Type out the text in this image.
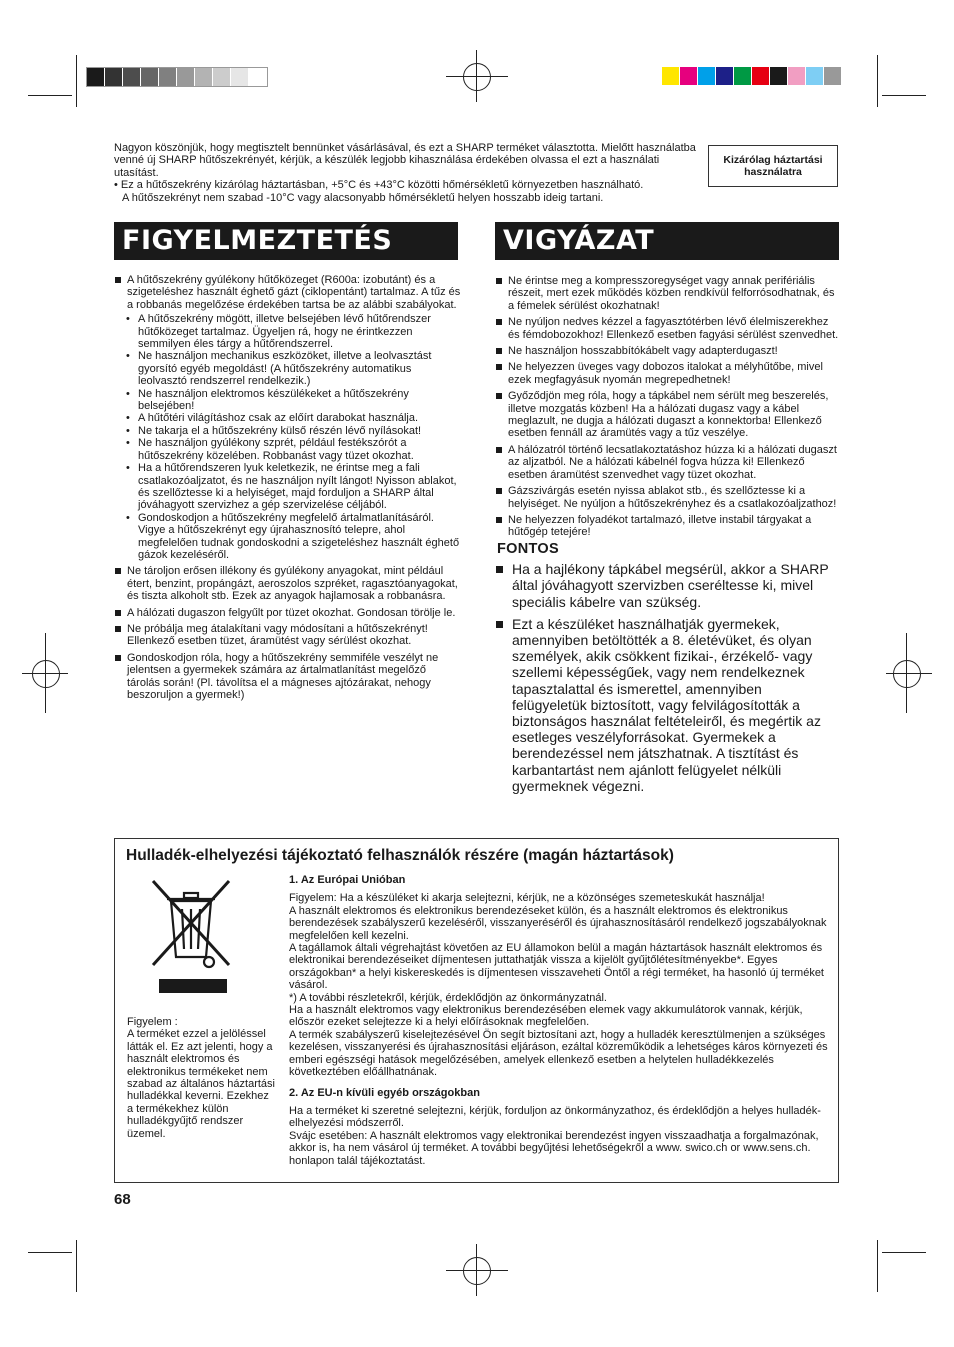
Nagyon köszönjük, hogy megtisztelt bennünket vásárlásával, és ezt a SHARP terméket választotta. Mielőtt használatba venné új SHARP hűtőszekrényét, kérjük, a készülék legjobb kihasználása érdekében olvassa el ezt a használati utasítást.

• Ez a hűtőszekrény kizárólag háztartásban, +5°C és +43°C közötti hőmérsékletű környezetben használható.

A hűtőszekrényt nem szabad -10°C vagy alacsonyabb hőmérsékletű helyen hosszabb ideig tartani.

Kizárólag háztartási használatra
FIGYELMEZTETÉS	VIGYÁZAT
A hűtőszekrény gyúlékony hűtőközeget (R600a: izobutánt) és a szigeteléshez használt éghető gázt (ciklopentánt) tartalmaz. A tűz és a robbanás megelőzése érdekében tartsa be az alábbi szabályokat.
• A hűtőszekrény mögött, illetve belsejében lévő hűtőrendszer hűtőközeget tartalmaz. Ügyeljen rá, hogy ne érintkezzen semmilyen éles tárgy a hűtőrendszerrel.
• Ne használjon mechanikus eszközöket, illetve a leolvasztást gyorsító egyéb megoldást! (A hűtőszekrény automatikus leolvasztó rendszerrel rendelkezik.)
• Ne használjon elektromos készülékeket a hűtőszekrény belsejében!
• A hűtőtéri világításhoz csak az előírt darabokat használja.
• Ne takarja el a hűtőszekrény külső részén lévő nyílásokat!
• Ne használjon gyúlékony szprét, például festékszórót a hűtőszekrény közelében. Robbanást vagy tüzet okozhat.
• Ha a hűtőrendszeren lyuk keletkezik, ne érintse meg a fali csatlakozóaljzatot, és ne használjon nyílt lángot! Nyisson ablakot, és szellőztesse ki a helyiséget, majd forduljon a SHARP által jóváhagyott szervizhez a gép szervizelése céljából.
• Gondoskodjon a hűtőszekrény megfelelő ártalmatlanításáról. Vigye a hűtőszekrényt egy újrahasznosító telepre, ahol megfelelően tudnak gondoskodni a szigeteléshez használt éghető gázok kezeléséről.
Ne tároljon erősen illékony és gyúlékony anyagokat, mint például étert, benzint, propángázt, aeroszolos szpréket, ragasztóanyagokat, és tiszta alkoholt stb. Ezek az anyagok hajlamosak a robbanásra.
A hálózati dugaszon felgyűlt por tüzet okozhat. Gondosan törölje le.
Ne próbálja meg átalakítani vagy módosítani a hűtőszekrényt! Ellenkező esetben tüzet, áramütést vagy sérülést okozhat.
Gondoskodjon róla, hogy a hűtőszekrény semmiféle veszélyt ne jelentsen a gyermekek számára az ártalmatlanítást megelőző tárolás során! (Pl. távolítsa el a mágneses ajtózárakat, nehogy beszoruljon a gyermek!)
Ne érintse meg a kompresszoregységet vagy annak perifériális részeit, mert ezek működés közben rendkívül felforrósodhatnak, és a fémelek sérülést okozhatnak!
Ne nyúljon nedves kézzel a fagyasztótérben lévő élelmiszerekhez és fémdobozokhoz! Ellenkező esetben fagyási sérülést szenvedhet.
Ne használjon hosszabbítókábelt vagy adapterdugaszt!
Ne helyezzen üveges vagy dobozos italokat a mélyhűtőbe, mivel ezek megfagyásuk nyomán megrepedhetnek!
Győződjön meg róla, hogy a tápkábel nem sérült meg beszerelés, illetve mozgatás közben! Ha a hálózati dugasz vagy a kábel meglazult, ne dugja a hálózati dugaszt a konnektorba! Ellenkező esetben fennáll az áramütés vagy a tűz veszélye.
A hálózatról történő lecsatlakoztatáshoz húzza ki a hálózati dugaszt az aljzatból. Ne a hálózati kábelnél fogva húzza ki! Ellenkező esetben áramütést szenvedhet vagy tüzet okozhat.
Gázszivárgás esetén nyissa ablakot stb., és szellőztesse ki a helyiséget. Ne nyúljon a hűtőszekrényhez és a csatlakozóaljzathoz!
Ne helyezzen folyadékot tartalmazó, illetve instabil tárgyakat a hűtőgép tetejére!
FONTOS
Ha a hajlékony tápkábel megsérül, akkor a SHARP által jóváhagyott szervizben cseréltesse ki, mivel speciális kábelre van szükség.
Ezt a készüléket használhatják gyermekek, amennyiben betöltötték a 8. életévüket, és olyan személyek, akik csökkent fizikai-, érzékelő- vagy szellemi képességűek, vagy nem rendelkeznek tapasztalattal és ismerettel, amennyiben felügyeletük biztosított, vagy felvilágosították a biztonságos használat feltételeiről, és megértik az esetleges veszélyforrásokat. Gyermekek a berendezéssel nem játszhatnak. A tisztítást és karbantartást nem ajánlott felügyelet nélküli gyermeknek végezni.
Hulladék-elhelyezési tájékoztató felhasználók részére (magán háztartások)
Figyelem :
A terméket ezzel a jelöléssel látták el. Ez azt jelenti, hogy a használt elektromos és elektronikus termékeket nem szabad az általános háztartási hulladékkal keverni. Ezekhez a termékekhez külön hulladékgyűjtő rendszer üzemel.
1. Az Európai Unióban

Figyelem: Ha a készüléket ki akarja selejtezni, kérjük, ne a közönséges szemeteskukát használja!

A használt elektromos és elektronikus berendezéseket külön, és a használt elektromos és elektronikus berendezések szabályszerű kezeléséről, visszanyeréséről és újrahasznosításáról rendelkező jogszabályoknak megfelelően kell kezelni.

A tagállamok általi végrehajtást követően az EU államokon belül a magán háztartások használt elektromos és elektronikai berendezéseiket díjmentesen juttathatják vissza a kijelölt gyűjtőlétesítményekbe*. Egyes országokban* a helyi kiskereskedés is díjmentesen visszaveheti Öntől a régi terméket, ha hasonló új terméket vásárol.

*) A további részletekről, kérjük, érdeklődjön az önkormányzatnál.

Ha a használt elektromos vagy elektronikus berendezésében elemek vagy akkumulátorok vannak, kérjük, először ezeket selejtezze ki a helyi előírásoknak megfelelően.

A termék szabályszerű kiselejtezésével Ön segít biztosítani azt, hogy a hulladék keresztülmenjen a szükséges kezelésen, visszanyerési és újrahasznosítási eljáráson, ezáltal közreműködik a lehetséges káros környezeti és emberi egészségi hatások megelőzésében, amelyek ellenkező esetben a helytelen hulladékkezelés következtében előállhatnának.

2. Az EU-n kívüli egyéb országokban

Ha a terméket ki szeretné selejtezni, kérjük, forduljon az önkormányzathoz, és érdeklődjön a helyes hulladék-elhelyezési módszerről.

Svájc esetében: A használt elektromos vagy elektronikai berendezést ingyen visszaadhatja a forgalmazónak, akkor is, ha nem vásárol új terméket. A további begyűjtési lehetőségekről a www. swico.ch or www.sens.ch. honlapon talál tájékoztatást.

68
